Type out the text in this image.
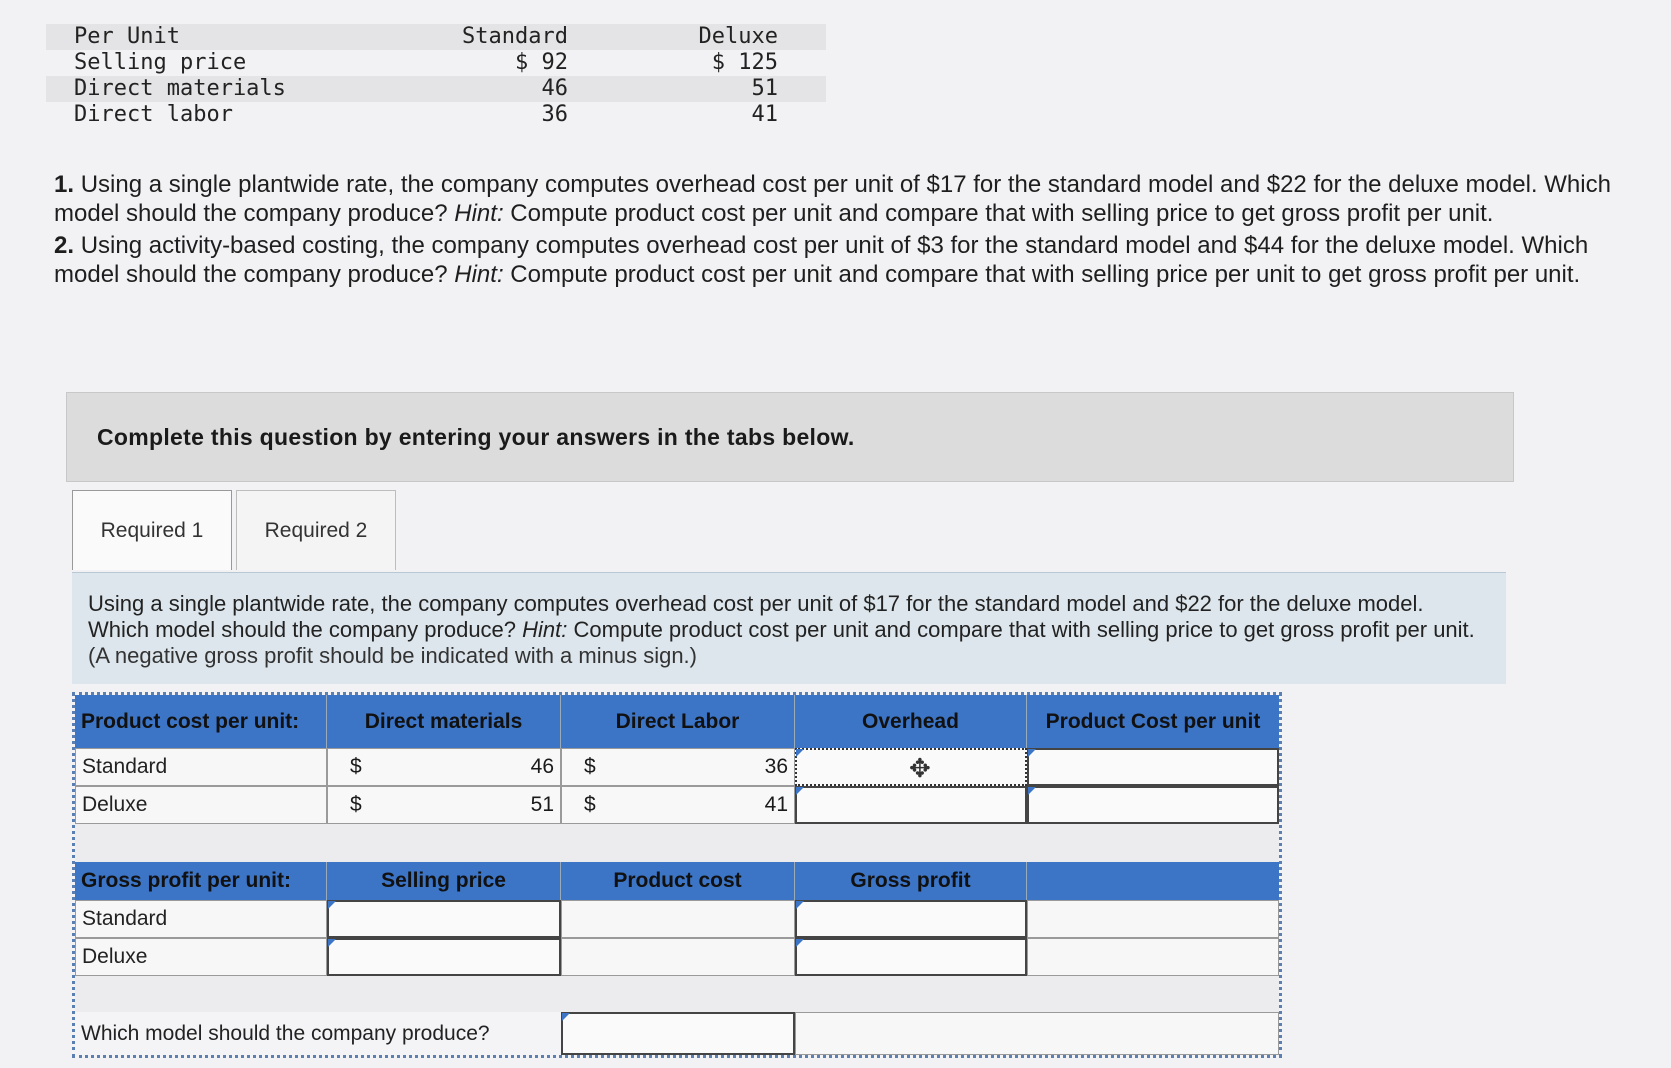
Per Unit	Standard	Deluxe
Selling price	$ 92	$ 125
Direct materials	46	51
Direct labor	36	41

1. Using a single plantwide rate, the company computes overhead cost per unit of $17 for the standard model and $22 for the deluxe model. Which model should the company produce? Hint: Compute product cost per unit and compare that with selling price to get gross profit per unit.

2. Using activity-based costing, the company computes overhead cost per unit of $3 for the standard model and $44 for the deluxe model. Which model should the company produce? Hint: Compute product cost per unit and compare that with selling price per unit to get gross profit per unit.

Complete this question by entering your answers in the tabs below.
Required 1	Required 2
Using a single plantwide rate, the company computes overhead cost per unit of $17 for the standard model and $22 for the deluxe model. Which model should the company produce? Hint: Compute product cost per unit and compare that with selling price to get gross profit per unit. (A negative gross profit should be indicated with a minus sign.)
Product cost per unit:	Direct materials	Direct Labor	Overhead	Product Cost per unit
Standard	$	46 $	36
Deluxe	$	51 $	41
Gross profit per unit:	Selling price	Product cost	Gross profit
Standard
Deluxe
Which model should the company produce?
✥
